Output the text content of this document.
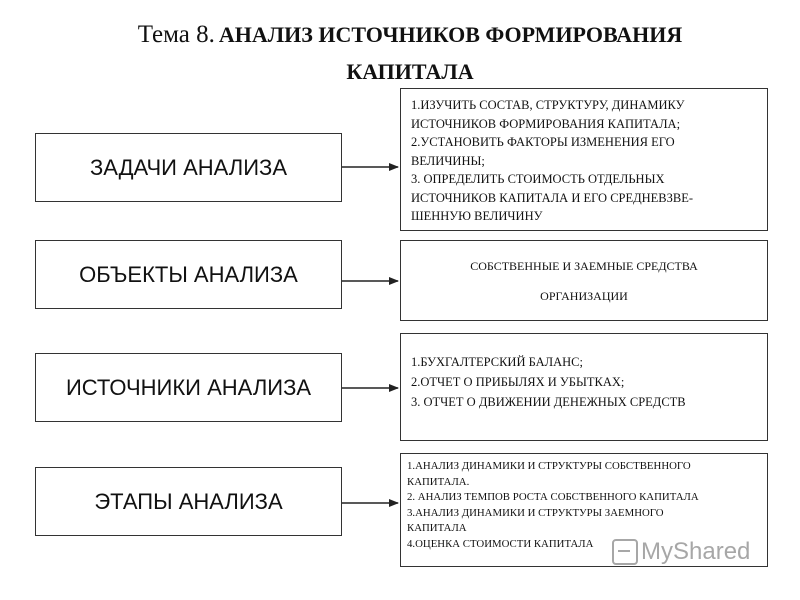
Тема 8. АНАЛИЗ ИСТОЧНИКОВ ФОРМИРОВАНИЯ
КАПИТАЛА
ЗАДАЧИ АНАЛИЗА
ОБЪЕКТЫ АНАЛИЗА
ИСТОЧНИКИ АНАЛИЗА
ЭТАПЫ АНАЛИЗА
1.ИЗУЧИТЬ СОСТАВ, СТРУКТУРУ, ДИНАМИКУ
ИСТОЧНИКОВ ФОРМИРОВАНИЯ КАПИТАЛА;
2.УСТАНОВИТЬ ФАКТОРЫ ИЗМЕНЕНИЯ ЕГО
ВЕЛИЧИНЫ;
3. ОПРЕДЕЛИТЬ СТОИМОСТЬ ОТДЕЛЬНЫХ
ИСТОЧНИКОВ КАПИТАЛА И ЕГО СРЕДНЕВЗВЕ-
ШЕННУЮ ВЕЛИЧИНУ
СОБСТВЕННЫЕ И ЗАЕМНЫЕ СРЕДСТВА
ОРГАНИЗАЦИИ
1.БУХГАЛТЕРСКИЙ БАЛАНС;
2.ОТЧЕТ О ПРИБЫЛЯХ И УБЫТКАХ;
3. ОТЧЕТ О ДВИЖЕНИИ ДЕНЕЖНЫХ СРЕДСТВ
1.АНАЛИЗ ДИНАМИКИ И СТРУКТУРЫ СОБСТВЕННОГО
КАПИТАЛА.
2. АНАЛИЗ ТЕМПОВ РОСТА СОБСТВЕННОГО КАПИТАЛА
3.АНАЛИЗ ДИНАМИКИ И СТРУКТУРЫ ЗАЕМНОГО
КАПИТАЛА
4.ОЦЕНКА СТОИМОСТИ КАПИТАЛА	MyShared
